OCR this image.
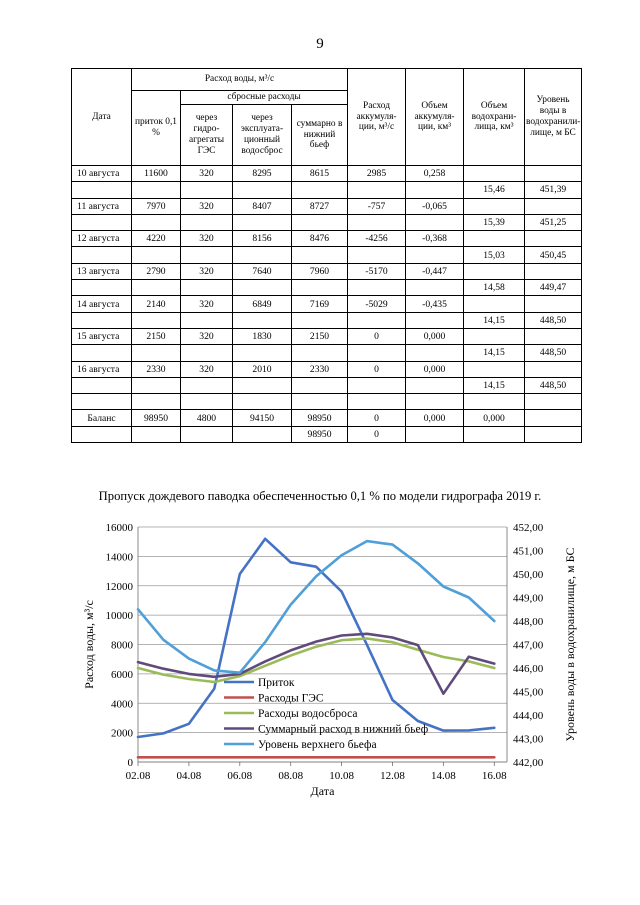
9
Дата	Расход воды, м³/с				Расход аккумуля-ции, м³/с	Объем аккумуля-ции, км³	Объем водохрани-лища, км³	Уровень воды в водохранили-лище, м БС
	приток 0,1 %	сбросные расходы						
		через гидро-агрегаты ГЭС	через эксплуата-ционный водосброс	суммарно в нижний бьеф				
10 августа	11600	320	8295	8615	2985	0,258		
							15,46	451,39
11 августа	7970	320	8407	8727	-757	-0,065		
							15,39	451,25
12 августа	4220	320	8156	8476	-4256	-0,368		
							15,03	450,45
13 августа	2790	320	7640	7960	-5170	-0,447		
							14,58	449,47
14 августа	2140	320	6849	7169	-5029	-0,435		
							14,15	448,50
15 августа	2150	320	1830	2150	0	0,000		
							14,15	448,50
16 августа	2330	320	2010	2330	0	0,000		
							14,15	448,50

Баланс	98950	4800	94150	98950	0	0,000	0,000	
				98950	0			
Пропуск дождевого паводка обеспеченностью 0,1 % по модели гидрографа 2019 г.
0
2000
4000
6000
8000
10000
12000
14000
16000
442,00
443,00
444,00
445,00
446,00
447,00
448,00
449,00
450,00
451,00
452,00
02.08 04.08 06.08 08.08 10.08 12.08 14.08 16.08
Дата
Расход воды, м³/с	Уровень воды в водохранилище, м БС
Приток
Расходы ГЭС
Расходы водосброса
Суммарный расход в нижний бьеф
Уровень верхнего бьефа
